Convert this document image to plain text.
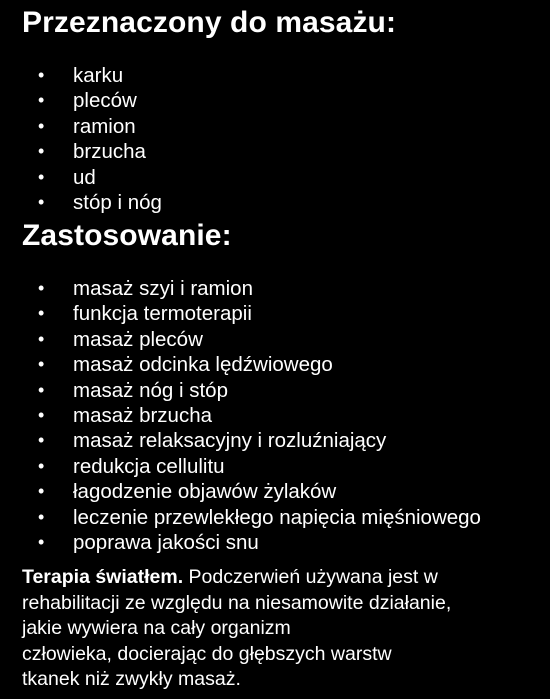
Przeznaczony do masażu:
• karku
• pleców
• ramion
• brzucha
• ud
• stóp i nóg
Zastosowanie:
• masaż szyi i ramion
• funkcja termoterapii
• masaż pleców
• masaż odcinka lędźwiowego
• masaż nóg i stóp
• masaż brzucha
• masaż relaksacyjny i rozluźniający
• redukcja cellulitu
• łagodzenie objawów żylaków
• leczenie przewlekłego napięcia mięśniowego
• poprawa jakości snu

Terapia światłem. Podczerwień używana jest w
rehabilitacji ze względu na niesamowite działanie,
jakie wywiera na cały organizm
człowieka, docierając do głębszych warstw
tkanek niż zwykły masaż.
